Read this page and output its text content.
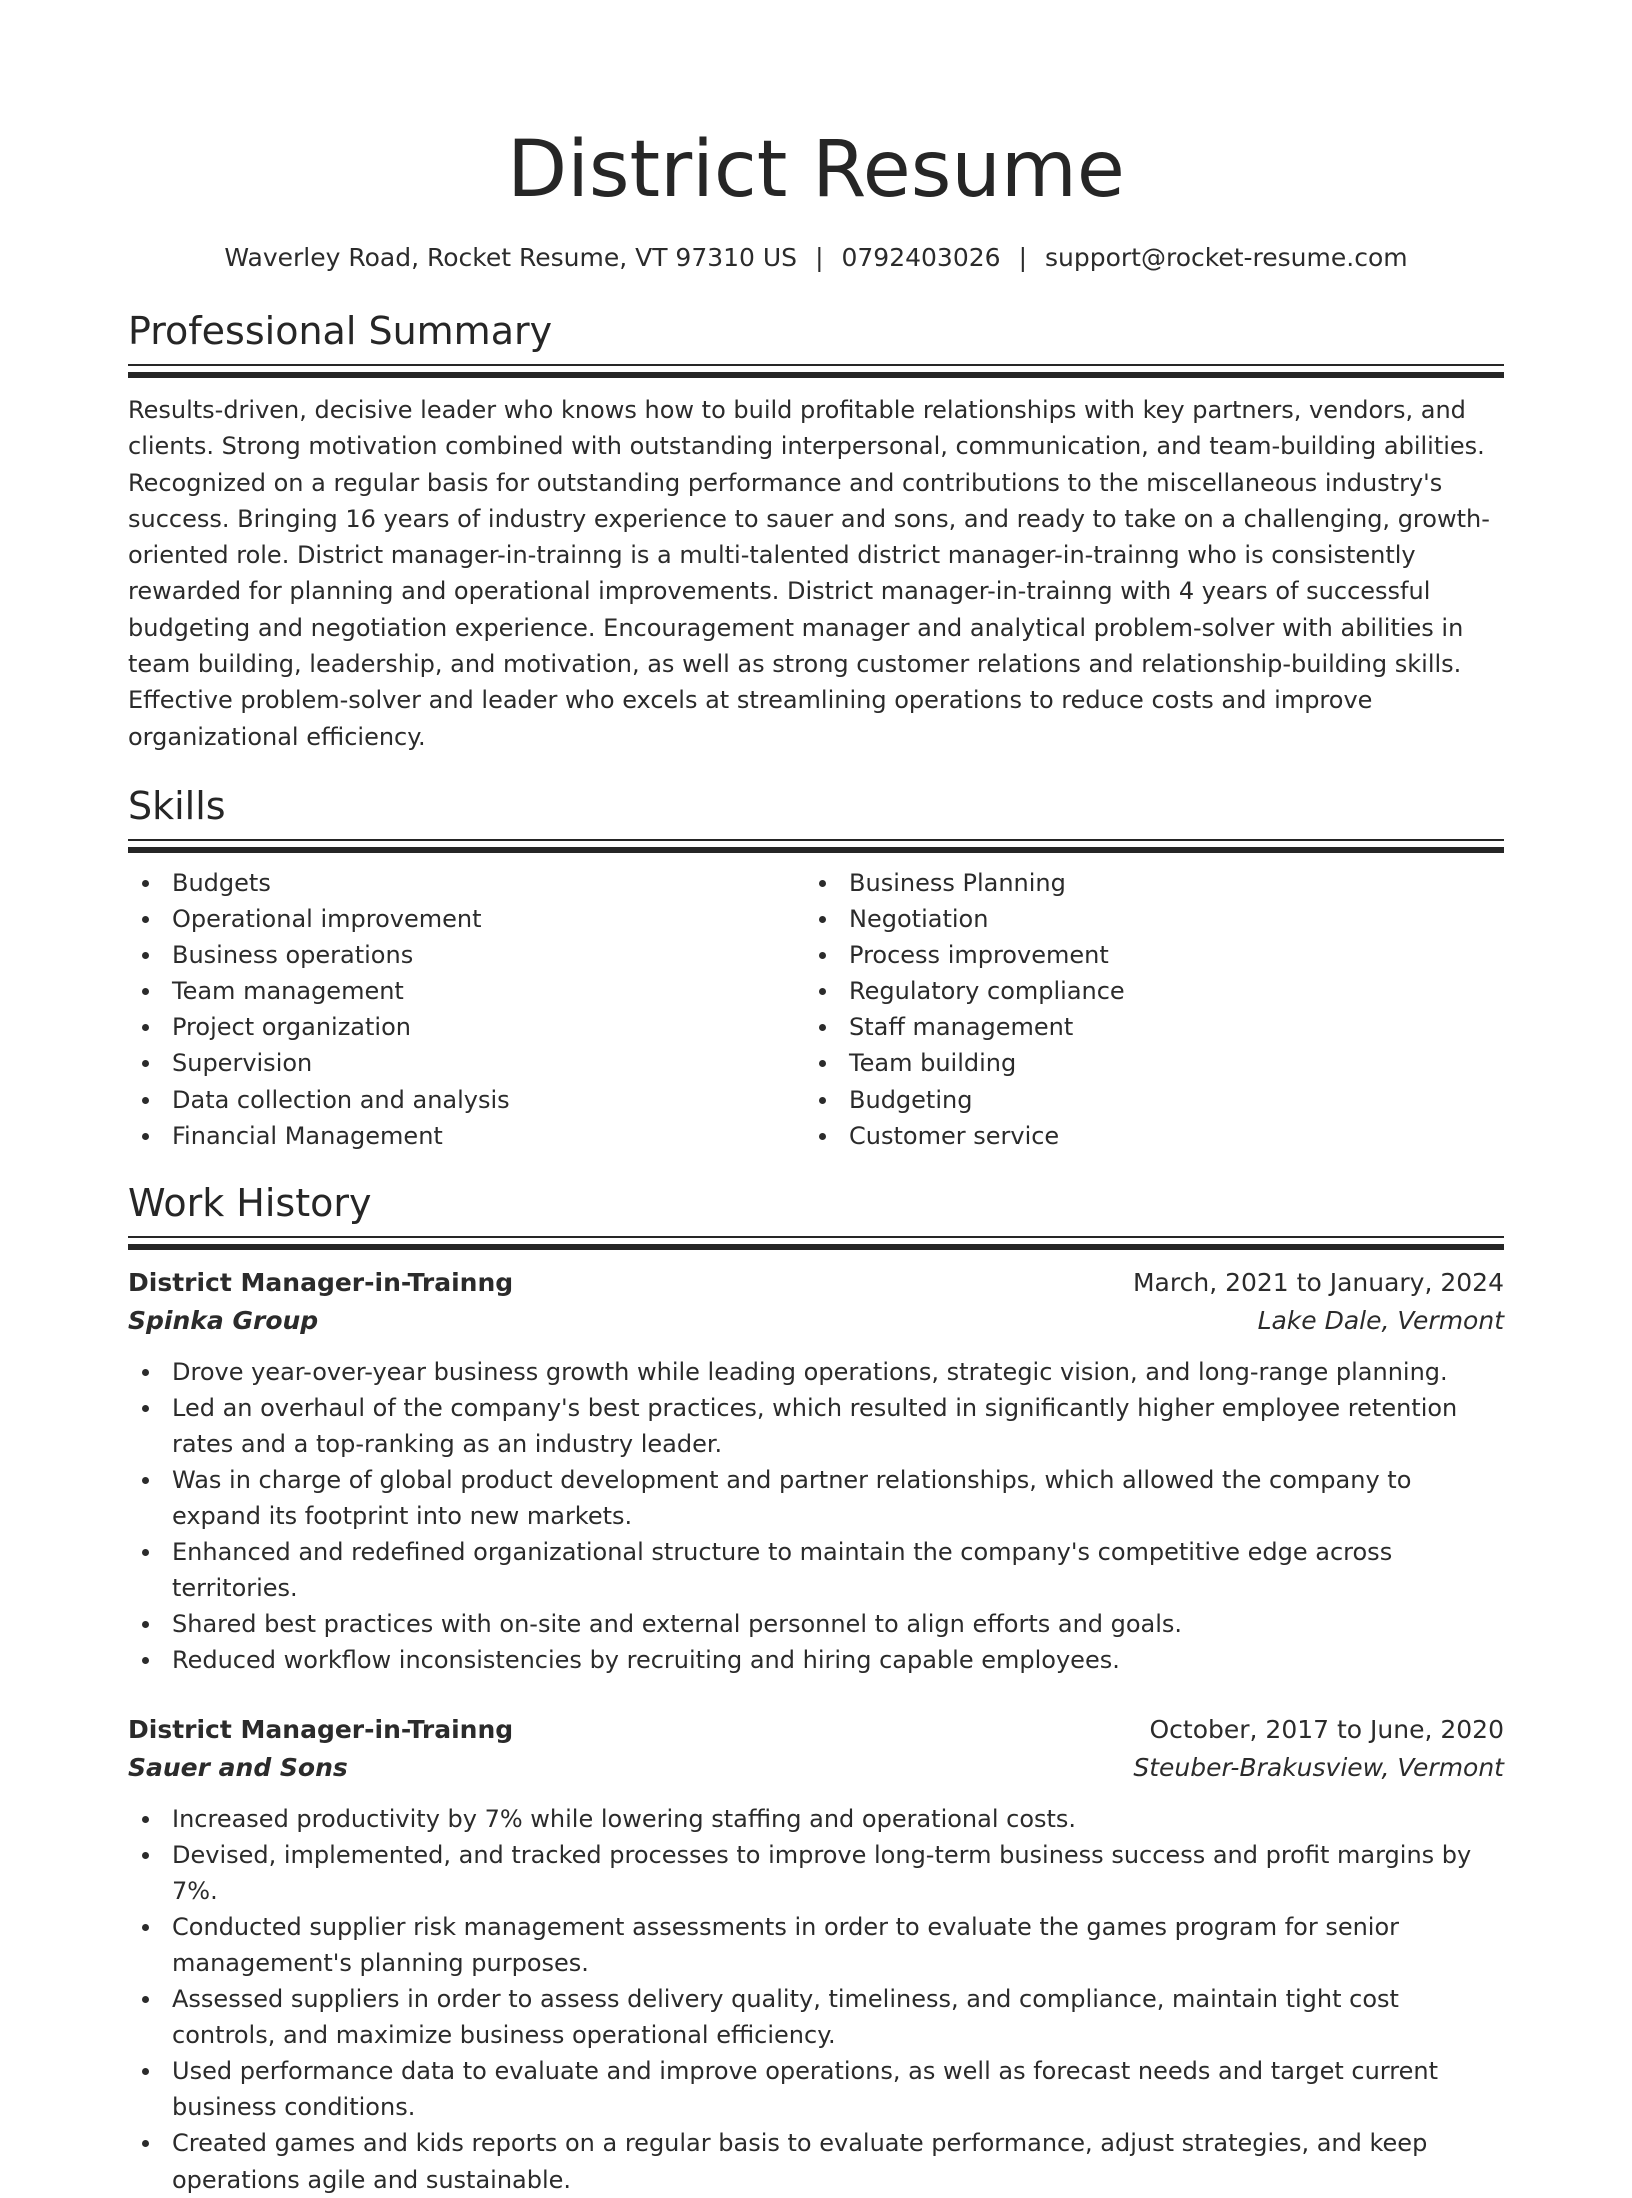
District Resume
Waverley Road, Rocket Resume, VT 97310 US | 0792403026 | support@rocket-resume.com
Professional Summary

Results-driven, decisive leader who knows how to build profitable relationships with key partners, vendors, and clients. Strong motivation combined with outstanding interpersonal, communication, and team-building abilities. Recognized on a regular basis for outstanding performance and contributions to the miscellaneous industry's success. Bringing 16 years of industry experience to sauer and sons, and ready to take on a challenging, growth-oriented role. District manager-in-trainng is a multi-talented district manager-in-trainng who is consistently rewarded for planning and operational improvements. District manager-in-trainng with 4 years of successful budgeting and negotiation experience. Encouragement manager and analytical problem-solver with abilities in team building, leadership, and motivation, as well as strong customer relations and relationship-building skills. Effective problem-solver and leader who excels at streamlining operations to reduce costs and improve organizational efficiency.

Skills
Budgets
Operational improvement
Business operations
Team management
Project organization
Supervision
Data collection and analysis
Financial Management
Business Planning
Negotiation
Process improvement
Regulatory compliance
Staff management
Team building
Budgeting
Customer service
Work History
District Manager-in-Trainng	March, 2021 to January, 2024
Spinka Group	Lake Dale, Vermont
Drove year-over-year business growth while leading operations, strategic vision, and long-range planning.
Led an overhaul of the company's best practices, which resulted in significantly higher employee retention rates and a top-ranking as an industry leader.
Was in charge of global product development and partner relationships, which allowed the company to expand its footprint into new markets.
Enhanced and redefined organizational structure to maintain the company's competitive edge across territories.
Shared best practices with on-site and external personnel to align efforts and goals.
Reduced workflow inconsistencies by recruiting and hiring capable employees.
District Manager-in-Trainng	October, 2017 to June, 2020
Sauer and Sons	Steuber-Brakusview, Vermont
Increased productivity by 7% while lowering staffing and operational costs.
Devised, implemented, and tracked processes to improve long-term business success and profit margins by 7%.
Conducted supplier risk management assessments in order to evaluate the games program for senior management's planning purposes.
Assessed suppliers in order to assess delivery quality, timeliness, and compliance, maintain tight cost controls, and maximize business operational efficiency.
Used performance data to evaluate and improve operations, as well as forecast needs and target current business conditions.
Created games and kids reports on a regular basis to evaluate performance, adjust strategies, and keep operations agile and sustainable.
